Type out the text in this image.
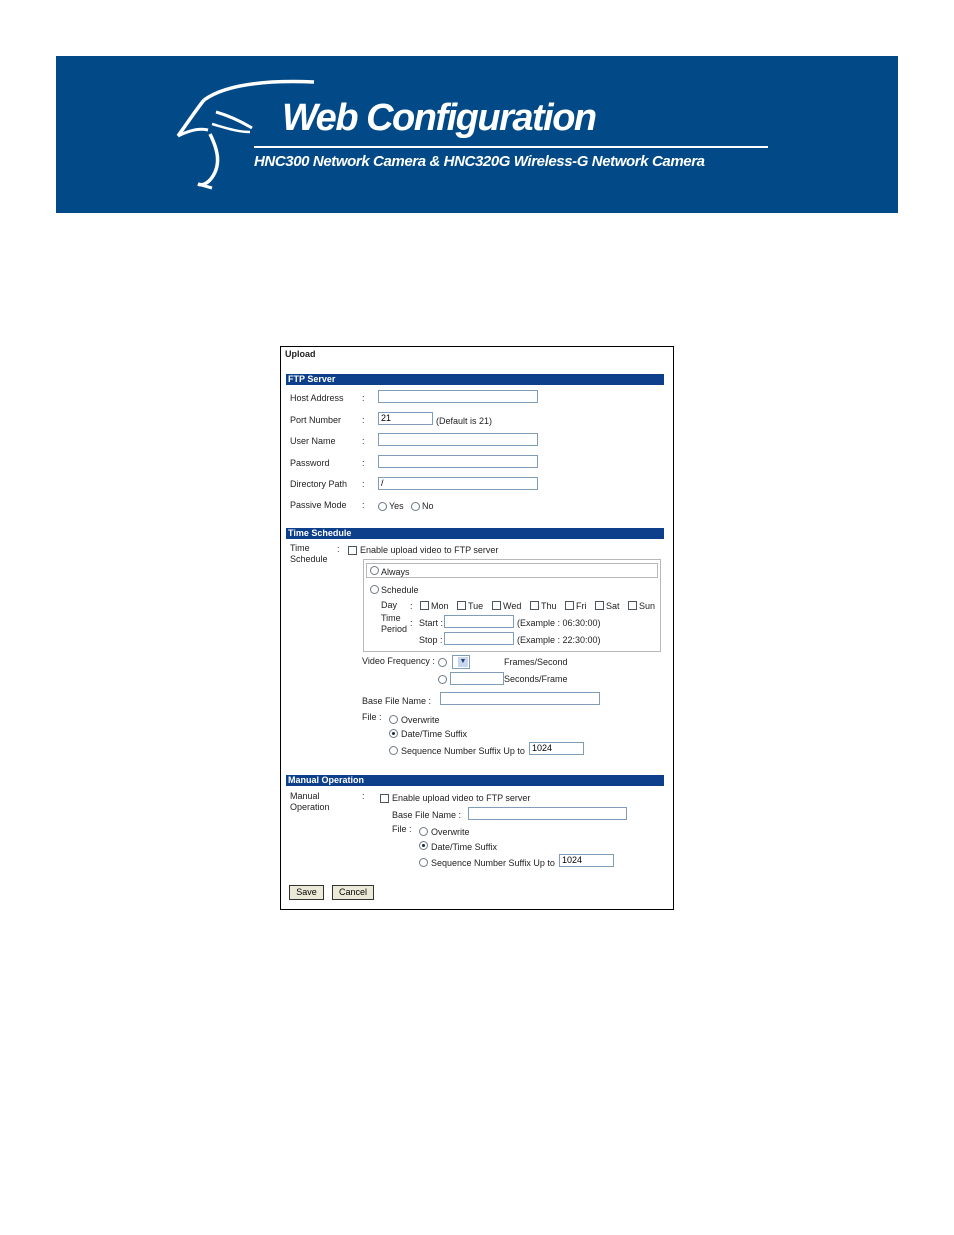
Web Configuration
HNC300 Network Camera & HNC320G Wireless-G Network Camera
Upload
FTP Server
Host Address :
Port Number :	21	(Default is 21)
User Name	:
Password	:
Directory Path :	/
Passive Mode :	Yes No
Time Schedule
Time
Schedule
: Enable upload video to FTP server
Always
Schedule
Day : Mon Tue Wed Thu Fri Sat Sun
Time
Period
: Start :	(Example : 06:30:00)
Stop :	(Example : 22:30:00)
Video Frequency :	▼	Frames/Second
Seconds/Frame
Base File Name :
File : Overwrite
Date/Time Suffix
Sequence Number Suffix Up to 1024
Manual Operation
Manual
Operation
:	Enable upload video to FTP server
Base File Name :
File : Overwrite
Date/Time Suffix
Sequence Number Suffix Up to 1024
Save	Cancel
